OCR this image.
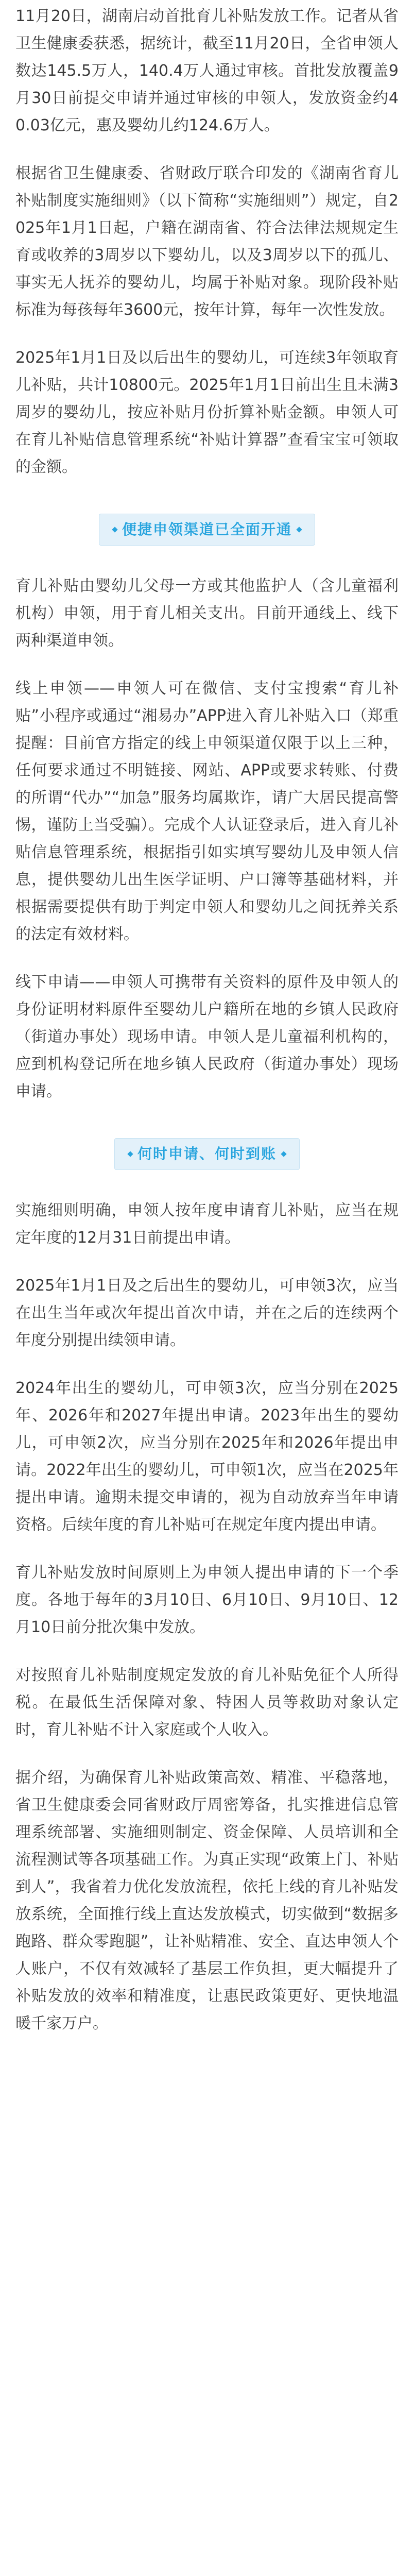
11月20日，湖南启动首批育儿补贴发放工作。记者从省卫生健康委获悉，据统计，截至11月20日，全省申领人数达145.5万人，140.4万人通过审核。首批发放覆盖9月30日前提交申请并通过审核的申领人，发放资金约40.03亿元，惠及婴幼儿约124.6万人。

根据省卫生健康委、省财政厅联合印发的《湖南省育儿补贴制度实施细则》（以下简称“实施细则”）规定，自2025年1月1日起，户籍在湖南省、符合法律法规规定生育或收养的3周岁以下婴幼儿，以及3周岁以下的孤儿、事实无人抚养的婴幼儿，均属于补贴对象。现阶段补贴标准为每孩每年3600元，按年计算，每年一次性发放。

2025年1月1日及以后出生的婴幼儿，可连续3年领取育儿补贴，共计10800元。2025年1月1日前出生且未满3周岁的婴幼儿，按应补贴月份折算补贴金额。申领人可在育儿补贴信息管理系统“补贴计算器”查看宝宝可领取的金额。

便捷申领渠道已全面开通

育儿补贴由婴幼儿父母一方或其他监护人（含儿童福利机构）申领，用于育儿相关支出。目前开通线上、线下两种渠道申领。

线上申领——申领人可在微信、支付宝搜索“育儿补贴”小程序或通过“湘易办”APP进入育儿补贴入口（郑重提醒：目前官方指定的线上申领渠道仅限于以上三种，任何要求通过不明链接、网站、APP或要求转账、付费的所谓“代办”“加急”服务均属欺诈，请广大居民提高警惕，谨防上当受骗）。完成个人认证登录后，进入育儿补贴信息管理系统，根据指引如实填写婴幼儿及申领人信息，提供婴幼儿出生医学证明、户口簿等基础材料，并根据需要提供有助于判定申领人和婴幼儿之间抚养关系的法定有效材料。

线下申请——申领人可携带有关资料的原件及申领人的身份证明材料原件至婴幼儿户籍所在地的乡镇人民政府（街道办事处）现场申请。申领人是儿童福利机构的，应到机构登记所在地乡镇人民政府（街道办事处）现场申请。

何时申请、何时到账

实施细则明确，申领人按年度申请育儿补贴，应当在规定年度的12月31日前提出申请。

2025年1月1日及之后出生的婴幼儿，可申领3次，应当在出生当年或次年提出首次申请，并在之后的连续两个年度分别提出续领申请。

2024年出生的婴幼儿，可申领3次，应当分别在2025年、2026年和2027年提出申请。2023年出生的婴幼儿，可申领2次，应当分别在2025年和2026年提出申请。2022年出生的婴幼儿，可申领1次，应当在2025年提出申请。逾期未提交申请的，视为自动放弃当年申请资格。后续年度的育儿补贴可在规定年度内提出申请。

育儿补贴发放时间原则上为申领人提出申请的下一个季度。各地于每年的3月10日、6月10日、9月10日、12月10日前分批次集中发放。

对按照育儿补贴制度规定发放的育儿补贴免征个人所得税。在最低生活保障对象、特困人员等救助对象认定时，育儿补贴不计入家庭或个人收入。

据介绍，为确保育儿补贴政策高效、精准、平稳落地，省卫生健康委会同省财政厅周密筹备，扎实推进信息管理系统部署、实施细则制定、资金保障、人员培训和全流程测试等各项基础工作。为真正实现“政策上门、补贴到人”，我省着力优化发放流程，依托上线的育儿补贴发放系统，全面推行线上直达发放模式，切实做到“数据多跑路、群众零跑腿”，让补贴精准、安全、直达申领人个人账户，不仅有效减轻了基层工作负担，更大幅提升了补贴发放的效率和精准度，让惠民政策更好、更快地温暖千家万户。
